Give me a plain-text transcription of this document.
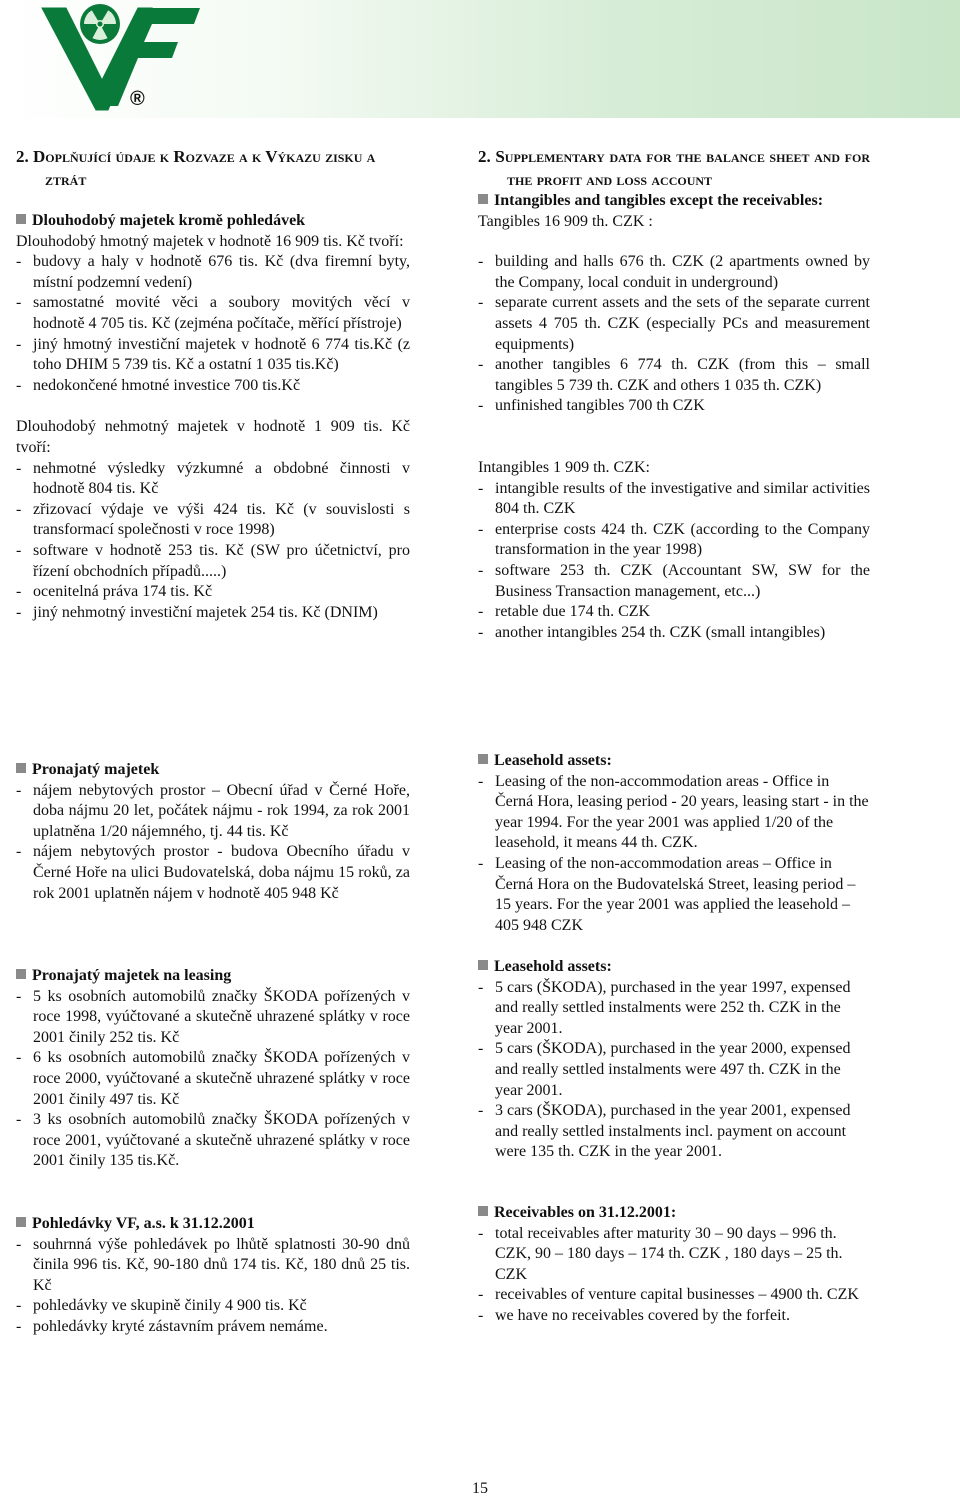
®

2. Doplňující údaje k Rozvaze a k Výkazu zisku a ztrát

Dlouhodobý majetek kromě pohledávek

Dlouhodobý hmotný majetek v hodnotě 16 909 tis. Kč tvoří:

- budovy a haly v hodnotě 676 tis. Kč (dva firemní byty, místní podzemní vedení)

- samostatné movité věci a soubory movitých věcí v hodnotě 4 705 tis. Kč (zejména počítače, měřící přístroje)

- jiný hmotný investiční majetek v hodnotě 6 774 tis.Kč (z toho DHIM 5 739 tis. Kč a ostatní 1 035 tis.Kč)

- nedokončené hmotné investice 700 tis.Kč

Dlouhodobý nehmotný majetek v hodnotě 1 909 tis. Kč tvoří:

- nehmotné výsledky výzkumné a obdobné činnosti v hodnotě 804 tis. Kč

- zřizovací výdaje ve výši 424 tis. Kč (v souvislosti s transformací společnosti v roce 1998)

- software v hodnotě 253 tis. Kč (SW pro účetnictví, pro řízení obchodních případů.....)

- ocenitelná práva 174 tis. Kč

- jiný nehmotný investiční majetek 254 tis. Kč (DNIM)

Pronajatý majetek

- nájem nebytových prostor – Obecní úřad v Černé Hoře, doba nájmu 20 let, počátek nájmu - rok 1994, za rok 2001 uplatněna 1/20 nájemného, tj. 44 tis. Kč

- nájem nebytových prostor - budova Obecního úřadu v Černé Hoře na ulici Budovatelská, doba nájmu 15 roků, za rok 2001 uplatněn nájem v hodnotě 405 948 Kč

Pronajatý majetek na leasing

- 5 ks osobních automobilů značky ŠKODA pořízených v roce 1998, vyúčtované a skutečně uhrazené splátky v roce 2001 činily 252 tis. Kč

- 6 ks osobních automobilů značky ŠKODA pořízených v roce 2000, vyúčtované a skutečně uhrazené splátky v roce 2001 činily 497 tis. Kč

- 3 ks osobních automobilů značky ŠKODA pořízených v roce 2001, vyúčtované a skutečně uhrazené splátky v roce 2001 činily 135 tis.Kč.

Pohledávky VF, a.s. k 31.12.2001

- souhrnná výše pohledávek po lhůtě splatnosti 30-90 dnů činila 996 tis. Kč, 90-180 dnů 174 tis. Kč, 180 dnů 25 tis. Kč

- pohledávky ve skupině činily 4 900 tis. Kč

- pohledávky kryté zástavním právem nemáme.

2. Supplementary data for the balance sheet and for the profit and loss account

Intangibles and tangibles except the receivables:

Tangibles 16 909 th. CZK :

- building and halls 676 th. CZK (2 apartments owned by the Company, local conduit in underground)

- separate current assets and the sets of the separate current assets 4 705 th. CZK (especially PCs and measurement equipments)

- another tangibles 6 774 th. CZK (from this – small tangibles 5 739 th. CZK and others 1 035 th. CZK)

- unfinished tangibles 700 th CZK

Intangibles 1 909 th. CZK:

- intangible results of the investigative and similar activities 804 th. CZK

- enterprise costs 424 th. CZK (according to the Company transformation in the year 1998)

- software 253 th. CZK (Accountant SW, SW for the Business Transaction management, etc...)

- retable due 174 th. CZK

- another intangibles 254 th. CZK (small intangibles)

Leasehold assets:

- Leasing of the non-accommodation areas - Office in Černá Hora, leasing period - 20 years, leasing start - in the year 1994. For the year 2001 was applied 1/20 of the leasehold, it means 44 th. CZK.

- Leasing of the non-accommodation areas – Office in Černá Hora on the Budovatelská Street, leasing period – 15 years. For the year 2001 was applied the leasehold – 405 948 CZK

Leasehold assets:

- 5 cars (ŠKODA), purchased in the year 1997, expensed and really settled instalments were 252 th. CZK in the year 2001.

- 5 cars (ŠKODA), purchased in the year 2000, expensed and really settled instalments were 497 th. CZK in the year 2001.

- 3 cars (ŠKODA), purchased in the year 2001, expensed and really settled instalments incl. payment on account were 135 th. CZK in the year 2001.

Receivables on 31.12.2001:

- total receivables after maturity 30 – 90 days – 996 th. CZK, 90 – 180 days – 174 th. CZK , 180 days – 25 th. CZK

- receivables of venture capital businesses – 4900 th. CZK

- we have no receivables covered by the forfeit.

15
